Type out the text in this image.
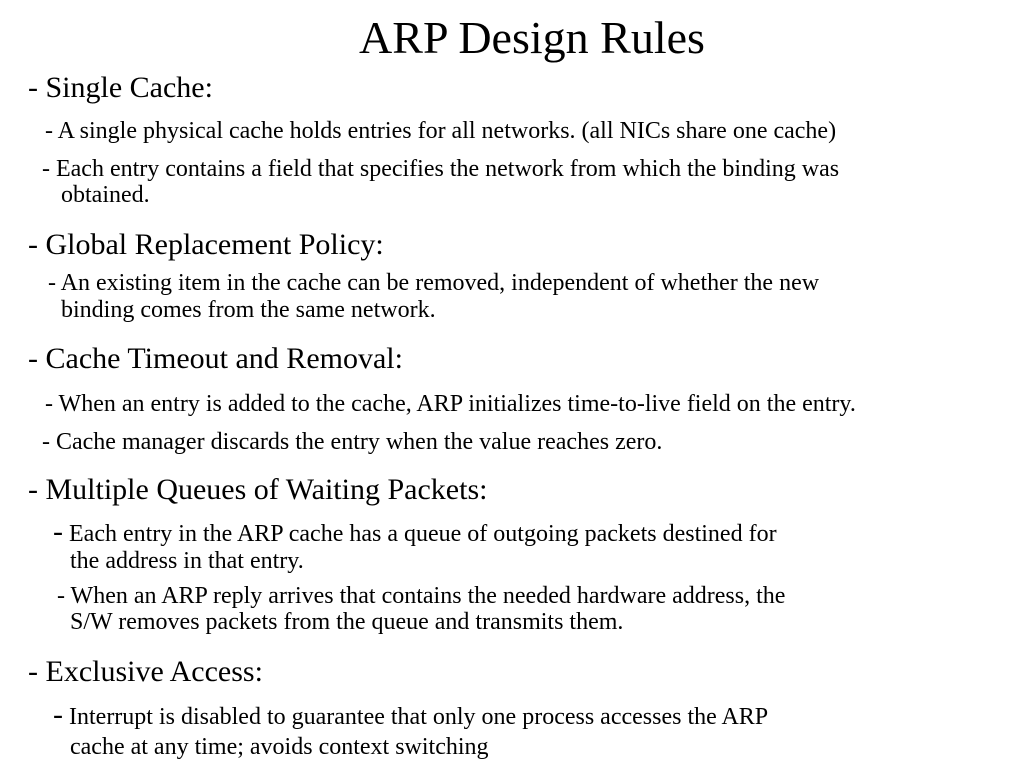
ARP Design Rules
- Single Cache:
- A single physical cache holds entries for all networks. (all NICs share one cache)
- Each entry contains a field that specifies the network from which the binding was
obtained.
- Global Replacement Policy:
- An existing item in the cache can be removed, independent of whether the new
binding comes from the same network.
- Cache Timeout and Removal:
- When an entry is added to the cache, ARP initializes time-to-live field on the entry.
- Cache manager discards the entry when the value reaches zero.
- Multiple Queues of Waiting Packets:
- Each entry in the ARP cache has a queue of outgoing packets destined for
the address in that entry.
- When an ARP reply arrives that contains the needed hardware address, the
S/W removes packets from the queue and transmits them.
- Exclusive Access:
- Interrupt is disabled to guarantee that only one process accesses the ARP
cache at any time; avoids context switching
